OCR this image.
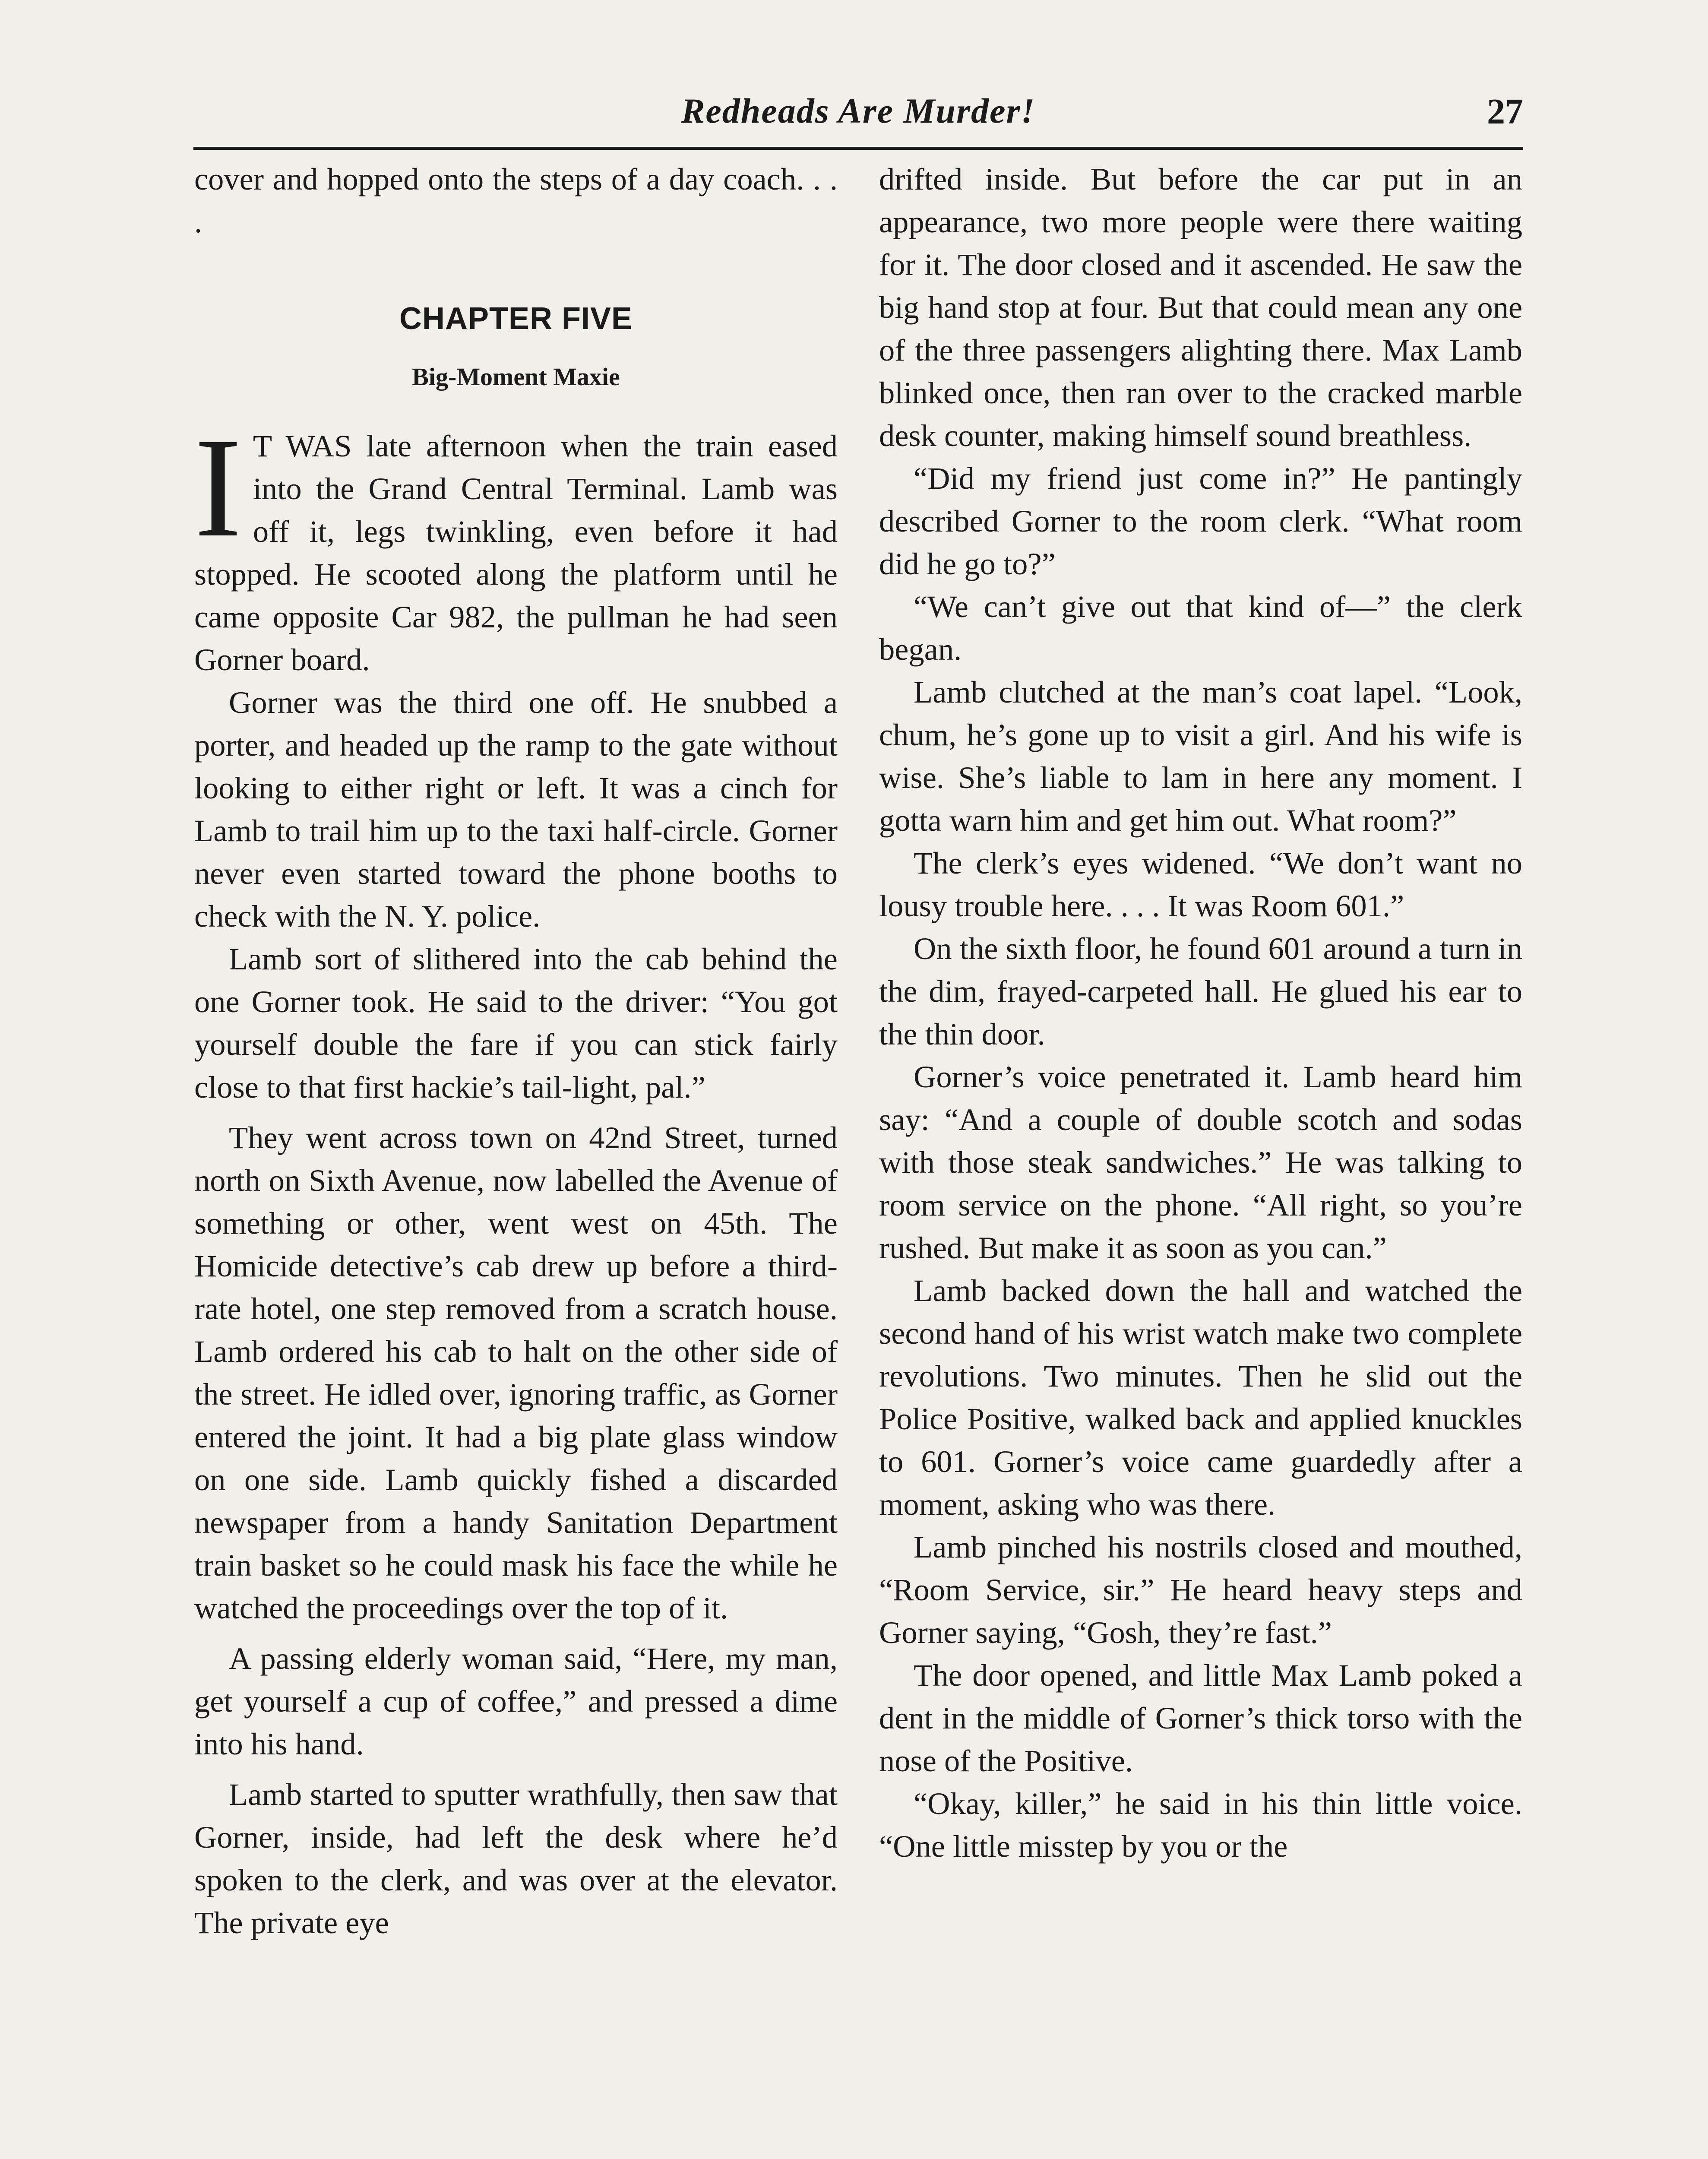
Redheads Are Murder!	27

cover and hopped onto the steps of a day coach. . . .

CHAPTER FIVE
Big-Moment Maxie

I T WAS late afternoon when the train eased into the Grand Central Terminal. Lamb was off it, legs twinkling, even before it had stopped. He scooted along the platform until he came opposite Car 982, the pullman he had seen Gorner board.

Gorner was the third one off. He snubbed a porter, and headed up the ramp to the gate without looking to either right or left. It was a cinch for Lamb to trail him up to the taxi half-circle. Gorner never even started toward the phone booths to check with the N. Y. police.

Lamb sort of slithered into the cab behind the one Gorner took. He said to the driver: “You got yourself double the fare if you can stick fairly close to that first hackie’s tail-light, pal.”

They went across town on 42nd Street, turned north on Sixth Avenue, now labelled the Avenue of something or other, went west on 45th. The Homicide detective’s cab drew up before a third-rate hotel, one step removed from a scratch house. Lamb ordered his cab to halt on the other side of the street. He idled over, ignoring traffic, as Gorner entered the joint. It had a big plate glass window on one side. Lamb quickly fished a discarded newspaper from a handy Sanitation Department train basket so he could mask his face the while he watched the proceedings over the top of it.

A passing elderly woman said, “Here, my man, get yourself a cup of coffee,” and pressed a dime into his hand.

Lamb started to sputter wrathfully, then saw that Gorner, inside, had left the desk where he’d spoken to the clerk, and was over at the elevator. The private eye

drifted inside. But before the car put in an appearance, two more people were there waiting for it. The door closed and it ascended. He saw the big hand stop at four. But that could mean any one of the three passengers alighting there. Max Lamb blinked once, then ran over to the cracked marble desk counter, making himself sound breathless.

“Did my friend just come in?” He pantingly described Gorner to the room clerk. “What room did he go to?”

“We can’t give out that kind of—” the clerk began.

Lamb clutched at the man’s coat lapel. “Look, chum, he’s gone up to visit a girl. And his wife is wise. She’s liable to lam in here any moment. I gotta warn him and get him out. What room?”

The clerk’s eyes widened. “We don’t want no lousy trouble here. . . . It was Room 601.”

On the sixth floor, he found 601 around a turn in the dim, frayed-carpeted hall. He glued his ear to the thin door.

Gorner’s voice penetrated it. Lamb heard him say: “And a couple of double scotch and sodas with those steak sandwiches.” He was talking to room service on the phone. “All right, so you’re rushed. But make it as soon as you can.”

Lamb backed down the hall and watched the second hand of his wrist watch make two complete revolutions. Two minutes. Then he slid out the Police Positive, walked back and applied knuckles to 601. Gorner’s voice came guardedly after a moment, asking who was there.

Lamb pinched his nostrils closed and mouthed, “Room Service, sir.” He heard heavy steps and Gorner saying, “Gosh, they’re fast.”

The door opened, and little Max Lamb poked a dent in the middle of Gorner’s thick torso with the nose of the Positive.

“Okay, killer,” he said in his thin little voice. “One little misstep by you or the
